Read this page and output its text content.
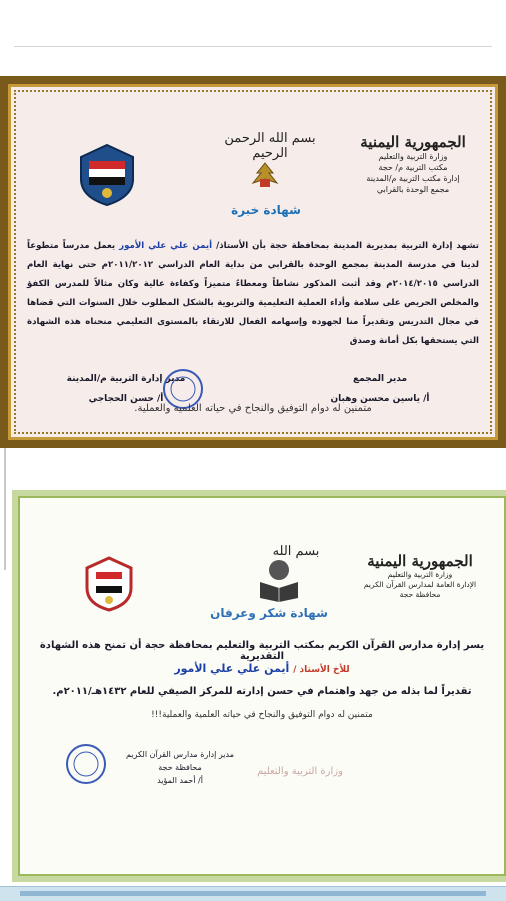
الجمهورية اليمنية
وزارة التربية والتعليم
مكتب التربية م/ حجة
إدارة مكتب التربية م/المدينة
مجمع الوحدة بالقرابي
بسم الله الرحمن الرحيم
شهادة خبرة
تشهد إدارة التربية بمديرية المدينة بمحافظة حجة بأن الأستاذ/ أيمن علي علي الأمور يعمل مدرساً متطوعاً لدينا في مدرسة المدينة بمجمع الوحدة بالقرابي من بداية العام الدراسي ٢٠١١/٢٠١٢م حتى نهاية العام الدراسي ٢٠١٤/٢٠١٥م وقد أثبت المذكور نشاطاً ومعطاءً متميزاً وكفاءة عالية وكان مثالاً للمدرس الكفؤ والمخلص الحريص على سلامة وأداء العملية التعليمية والتربوية بالشكل المطلوب خلال السنوات التي قضاها في مجال التدريس وتقديراً منا لجهوده وإسهامه الفعال للارتقاء بالمستوى التعليمي منحناه هذه الشهادة التي يستحقها بكل أمانة وصدق
مدير إدارة التربية م/المدينة
أ/ حسن الحجاجي
مدير المجمع
أ/ ياسين محسن وهبان
متمنين له دوام التوفيق والنجاح في حياته العلمية والعملية.
الجمهورية اليمنية
وزارة التربية والتعليم
الإدارة العامة لمدارس القرآن الكريم
محافظة حجة
بسم الله
شهادة شكر وعرفان
يسر إدارة مدارس القرآن الكريم بمكتب التربية والتعليم بمحافظة حجة أن تمنح هذه الشهادة التقديرية
للأخ الأستاذ / أيمن علي علي الأمور
تقديراً لما بذله من جهد واهتمام في حسن إدارته للمركز الصيفي للعام ١٤٣٢هـ/٢٠١١م.
متمنين له دوام التوفيق والنجاح في حياته العلمية والعملية!!!
مدير إدارة مدارس القرآن الكريم
محافظة حجة
أ/ أحمد المؤيد
وزارة التربية والتعليم
